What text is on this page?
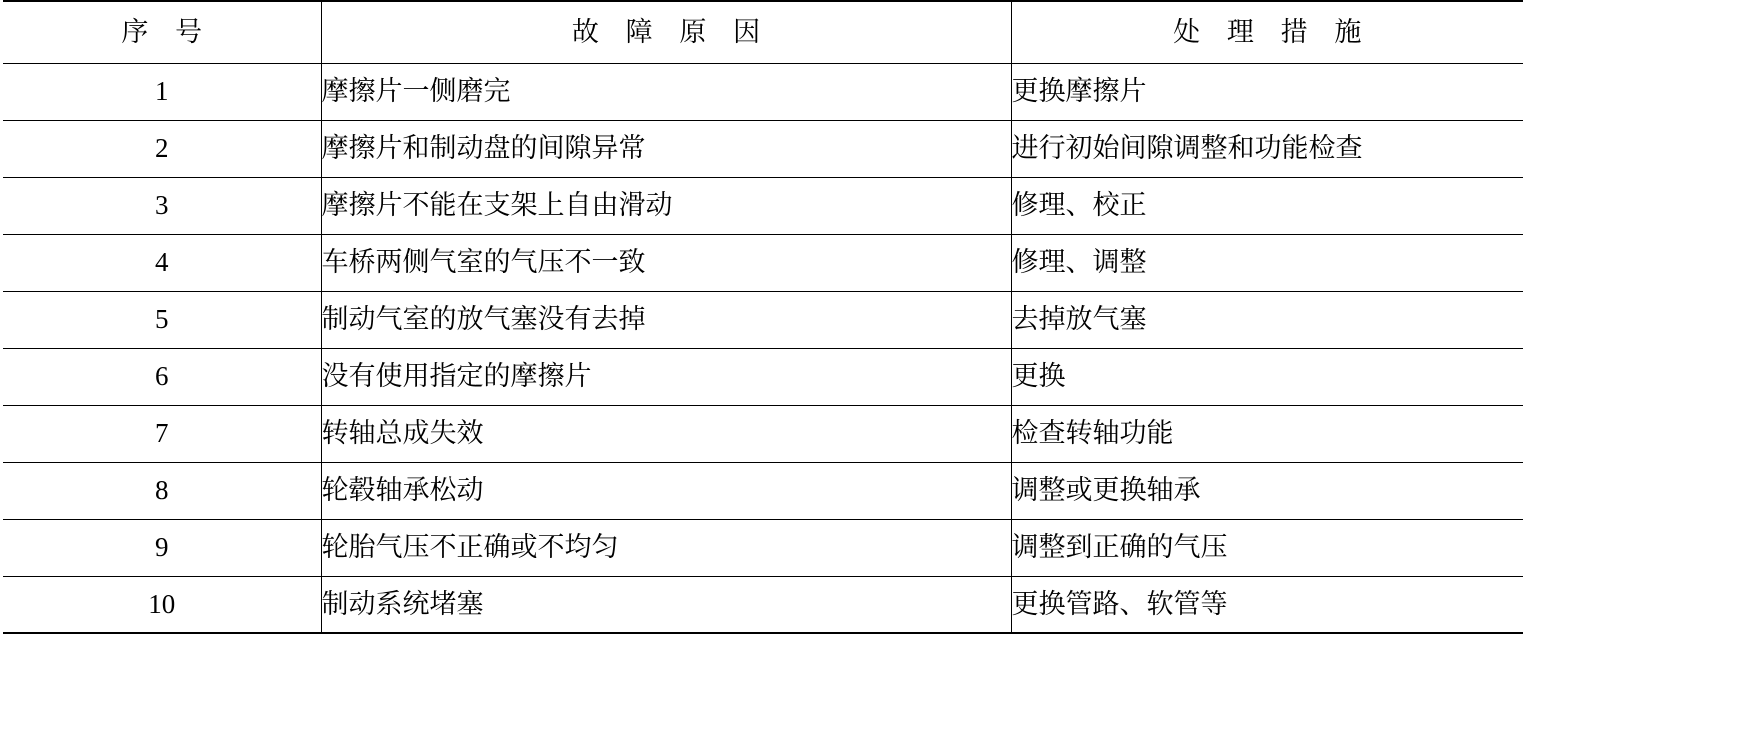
序 号	故 障 原 因	处 理 措 施
1	摩擦片一侧磨完	更换摩擦片
2	摩擦片和制动盘的间隙异常	进行初始间隙调整和功能检查
3	摩擦片不能在支架上自由滑动	修理、校正
4	车桥两侧气室的气压不一致	修理、调整
5	制动气室的放气塞没有去掉	去掉放气塞
6	没有使用指定的摩擦片	更换
7	转轴总成失效	检查转轴功能
8	轮毂轴承松动	调整或更换轴承
9	轮胎气压不正确或不均匀	调整到正确的气压
10	制动系统堵塞	更换管路、软管等
